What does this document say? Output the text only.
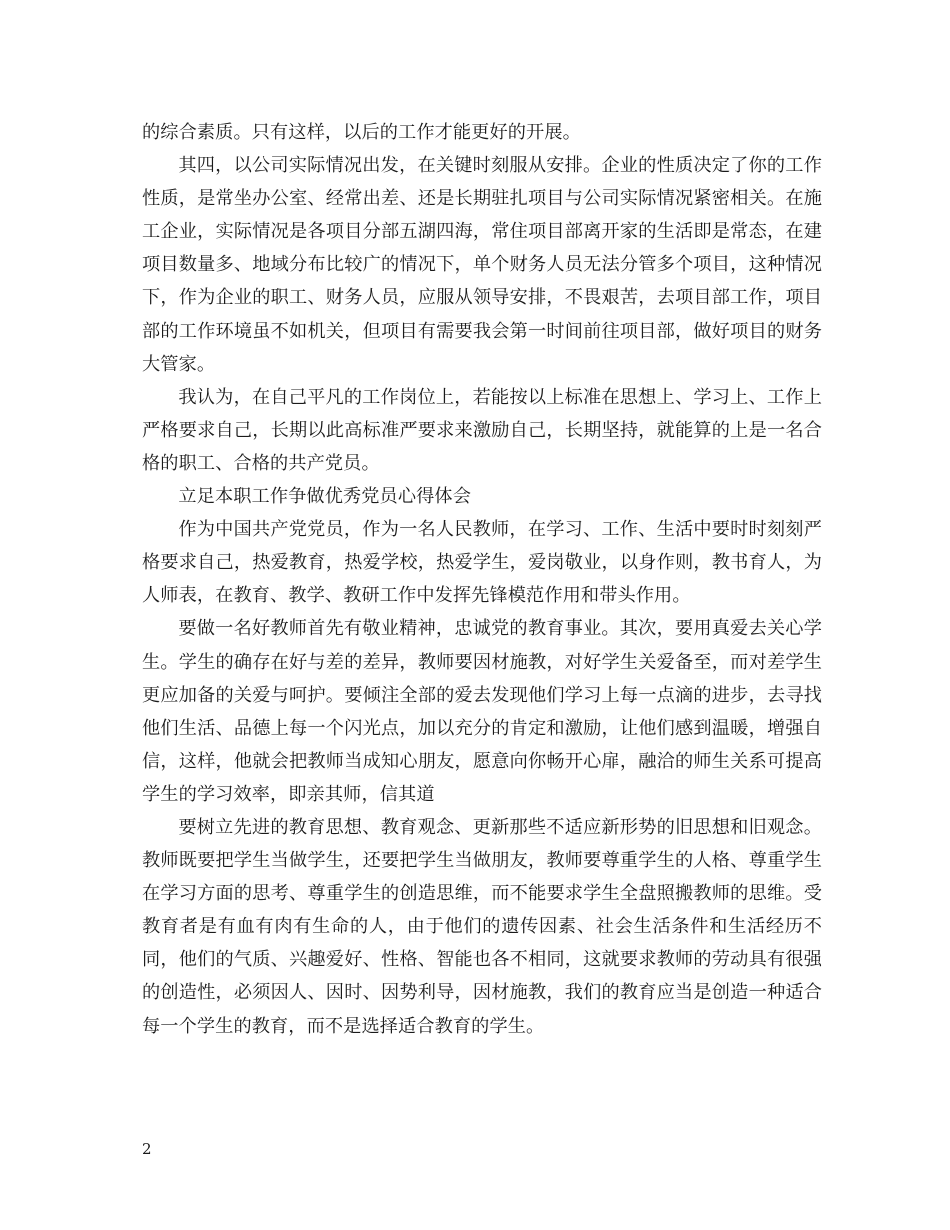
的综合素质。只有这样，以后的工作才能更好的开展。

其四，以公司实际情况出发，在关键时刻服从安排。企业的性质决定了你的工作性质，是常坐办公室、经常出差、还是长期驻扎项目与公司实际情况紧密相关。在施工企业，实际情况是各项目分部五湖四海，常住项目部离开家的生活即是常态，在建项目数量多、地域分布比较广的情况下，单个财务人员无法分管多个项目，这种情况下，作为企业的职工、财务人员，应服从领导安排，不畏艰苦，去项目部工作，项目部的工作环境虽不如机关，但项目有需要我会第一时间前往项目部，做好项目的财务大管家。

我认为，在自己平凡的工作岗位上，若能按以上标准在思想上、学习上、工作上严格要求自己，长期以此高标准严要求来激励自己，长期坚持，就能算的上是一名合格的职工、合格的共产党员。

立足本职工作争做优秀党员心得体会

作为中国共产党党员，作为一名人民教师，在学习、工作、生活中要时时刻刻严格要求自己，热爱教育，热爱学校，热爱学生，爱岗敬业，以身作则，教书育人，为人师表，在教育、教学、教研工作中发挥先锋模范作用和带头作用。

要做一名好教师首先有敬业精神，忠诚党的教育事业。其次，要用真爱去关心学生。学生的确存在好与差的差异，教师要因材施教，对好学生关爱备至，而对差学生更应加备的关爱与呵护。要倾注全部的爱去发现他们学习上每一点滴的进步，去寻找他们生活、品德上每一个闪光点，加以充分的肯定和激励，让他们感到温暖，增强自信，这样，他就会把教师当成知心朋友，愿意向你畅开心扉，融洽的师生关系可提高学生的学习效率，即亲其师，信其道

要树立先进的教育思想、教育观念、更新那些不适应新形势的旧思想和旧观念。教师既要把学生当做学生，还要把学生当做朋友，教师要尊重学生的人格、尊重学生在学习方面的思考、尊重学生的创造思维，而不能要求学生全盘照搬教师的思维。受教育者是有血有肉有生命的人，由于他们的遗传因素、社会生活条件和生活经历不同，他们的气质、兴趣爱好、性格、智能也各不相同，这就要求教师的劳动具有很强的创造性，必须因人、因时、因势利导，因材施教，我们的教育应当是创造一种适合每一个学生的教育，而不是选择适合教育的学生。

2
